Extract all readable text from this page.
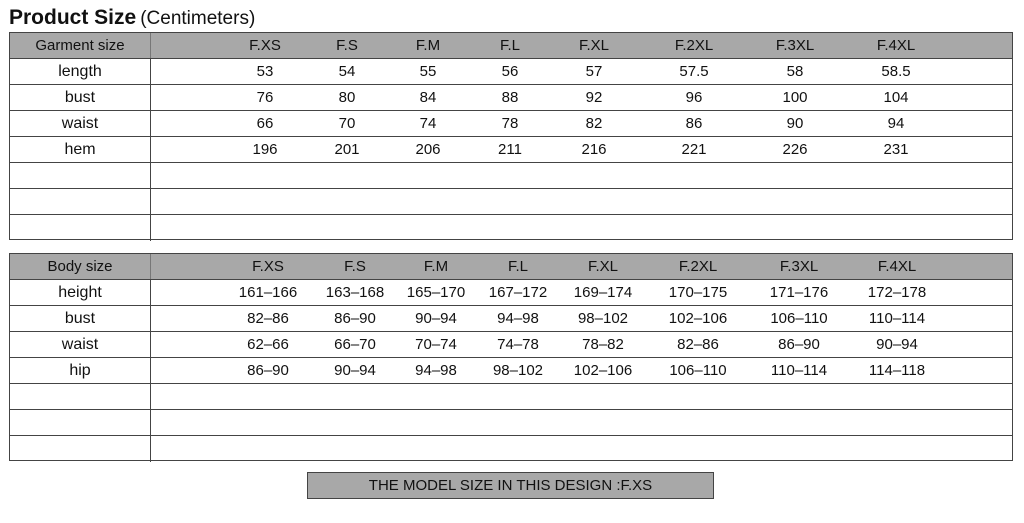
Product Size (Centimeters)
Garment size	F.XS	F.S	F.M	F.L	F.XL	F.2XL	F.3XL	F.4XL
length	53	54	55	56	57	57.5	58	58.5
bust	76	80	84	88	92	96	100	104
waist	66	70	74	78	82	86	90	94
hem	196	201	206	211	216	221	226	231
Body size	F.XS	F.S	F.M	F.L	F.XL	F.2XL	F.3XL	F.4XL
height	161–166	163–168	165–170	167–172	169–174	170–175	171–176	172–178
bust	82–86	86–90	90–94	94–98	98–102	102–106	106–110	110–114
waist	62–66	66–70	70–74	74–78	78–82	82–86	86–90	90–94
hip	86–90	90–94	94–98	98–102	102–106	106–110	110–114	114–118
THE MODEL SIZE IN THIS DESIGN :F.XS
